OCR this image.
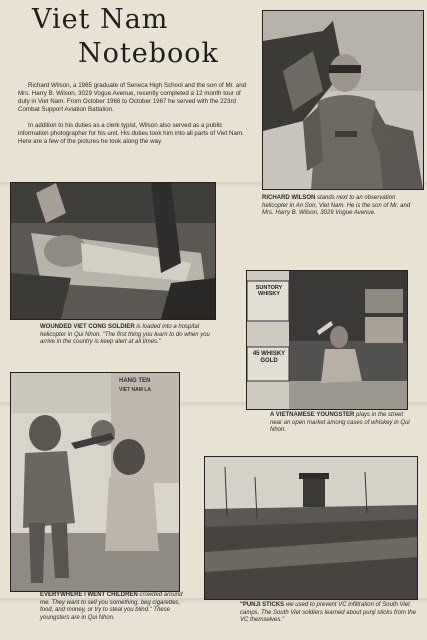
Viet Nam
Notebook

Richard Wilson, a 1965 graduate of Seneca High School and the son of Mr. and Mrs. Harry B. Wilson, 3029 Vogue Avenue, recently completed a 12 month tour of duty in Viet Nam. From October 1966 to October 1967 he served with the 223rd Combat Support Aviation Battalion.

In addition to his duties as a clerk typist, Wilson also served as a public information photographer for his unit. His duties took him into all parts of Viet Nam. Here are a few of the pictures he took along the way.

RICHARD WILSON stands next to an observation helicopter in An Son, Viet Nam. He is the son of Mr. and Mrs. Harry B. Wilson, 3029 Vogue Avenue.

WOUNDED VIET CONG SOLDIER is loaded into a hospital helicopter in Qui Nhon. "The first thing you learn to do when you arrive in the country is keep alert at all times."

SUNTORY WHISKY
45 WHISKY GOLD

A VIETNAMESE YOUNGSTER plays in the street near an open market among cases of whiskey in Qui Nhon.

HANG TEN
VIET NAM LA

EVERYWHERE I WENT CHILDREN crowded around me. They want to sell you something, beg cigarettes, food, and money, or try to steal you blind." These youngsters are in Qui Nhon.

"PUNJI STICKS we used to prevent VC infiltration of South Viet camps. The South Viet soldiers learned about punji sticks from the VC themselves."
